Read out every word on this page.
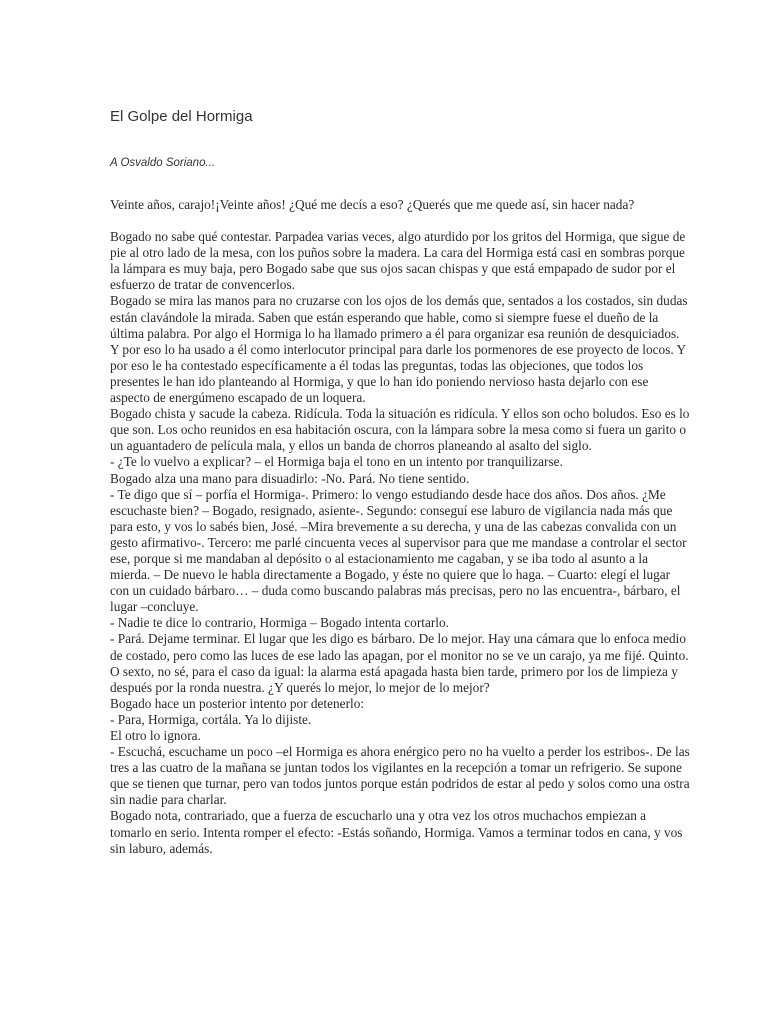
El Golpe del Hormiga
A Osvaldo Soriano...

Veinte años, carajo!¡Veinte años! ¿Qué me decís a eso? ¿Querés que me quede así, sin hacer nada?

Bogado no sabe qué contestar. Parpadea varias veces, algo aturdido por los gritos del Hormiga, que sigue de pie al otro lado de la mesa, con los puños sobre la madera. La cara del Hormiga está casi en sombras porque la lámpara es muy baja, pero Bogado sabe que sus ojos sacan chispas y que está empapado de sudor por el esfuerzo de tratar de convencerlos.

Bogado se mira las manos para no cruzarse con los ojos de los demás que, sentados a los costados, sin dudas están clavándole la mirada. Saben que están esperando que hable, como si siempre fuese el dueño de la última palabra. Por algo el Hormiga lo ha llamado primero a él para organizar esa reunión de desquiciados. Y por eso lo ha usado a él como interlocutor principal para darle los pormenores de ese proyecto de locos. Y por eso le ha contestado específicamente a él todas las preguntas, todas las objeciones, que todos los presentes le han ido planteando al Hormiga, y que lo han ido poniendo nervioso hasta dejarlo con ese aspecto de energúmeno escapado de un loquera.

Bogado chista y sacude la cabeza. Ridícula. Toda la situación es ridícula. Y ellos son ocho boludos. Eso es lo que son. Los ocho reunidos en esa habitación oscura, con la lámpara sobre la mesa como si fuera un garito o un aguantadero de película mala, y ellos un banda de chorros planeando al asalto del siglo.

- ¿Te lo vuelvo a explicar? – el Hormiga baja el tono en un intento por tranquilizarse.

Bogado alza una mano para disuadirlo: -No. Pará. No tiene sentido.

- Te digo que sí – porfía el Hormiga-. Primero: lo vengo estudiando desde hace dos años. Dos años. ¿Me escuchaste bien? – Bogado, resignado, asiente-. Segundo: conseguí ese laburo de vigilancia nada más que para esto, y vos lo sabés bien, José. –Mira brevemente a su derecha, y una de las cabezas convalida con un gesto afirmativo-. Tercero: me parlé cincuenta veces al supervisor para que me mandase a controlar el sector ese, porque si me mandaban al depósito o al estacionamiento me cagaban, y se iba todo al asunto a la mierda. – De nuevo le habla directamente a Bogado, y éste no quiere que lo haga. – Cuarto: elegí el lugar con un cuidado bárbaro… – duda como buscando palabras más precisas, pero no las encuentra-, bárbaro, el lugar –concluye.

- Nadie te dice lo contrario, Hormiga – Bogado intenta cortarlo.

- Pará. Dejame terminar. El lugar que les digo es bárbaro. De lo mejor. Hay una cámara que lo enfoca medio de costado, pero como las luces de ese lado las apagan, por el monitor no se ve un carajo, ya me fijé. Quinto. O sexto, no sé, para el caso da igual: la alarma está apagada hasta bien tarde, primero por los de limpieza y después por la ronda nuestra. ¿Y querés lo mejor, lo mejor de lo mejor?

Bogado hace un posterior intento por detenerlo:

- Para, Hormiga, cortála. Ya lo dijiste.

El otro lo ignora.

- Escuchá, escuchame un poco –el Hormiga es ahora enérgico pero no ha vuelto a perder los estribos-. De las tres a las cuatro de la mañana se juntan todos los vigilantes en la recepción a tomar un refrigerio. Se supone que se tienen que turnar, pero van todos juntos porque están podridos de estar al pedo y solos como una ostra sin nadie para charlar.

Bogado nota, contrariado, que a fuerza de escucharlo una y otra vez los otros muchachos empiezan a tomarlo en serio. Intenta romper el efecto: -Estás soñando, Hormiga. Vamos a terminar todos en cana, y vos sin laburo, además.
